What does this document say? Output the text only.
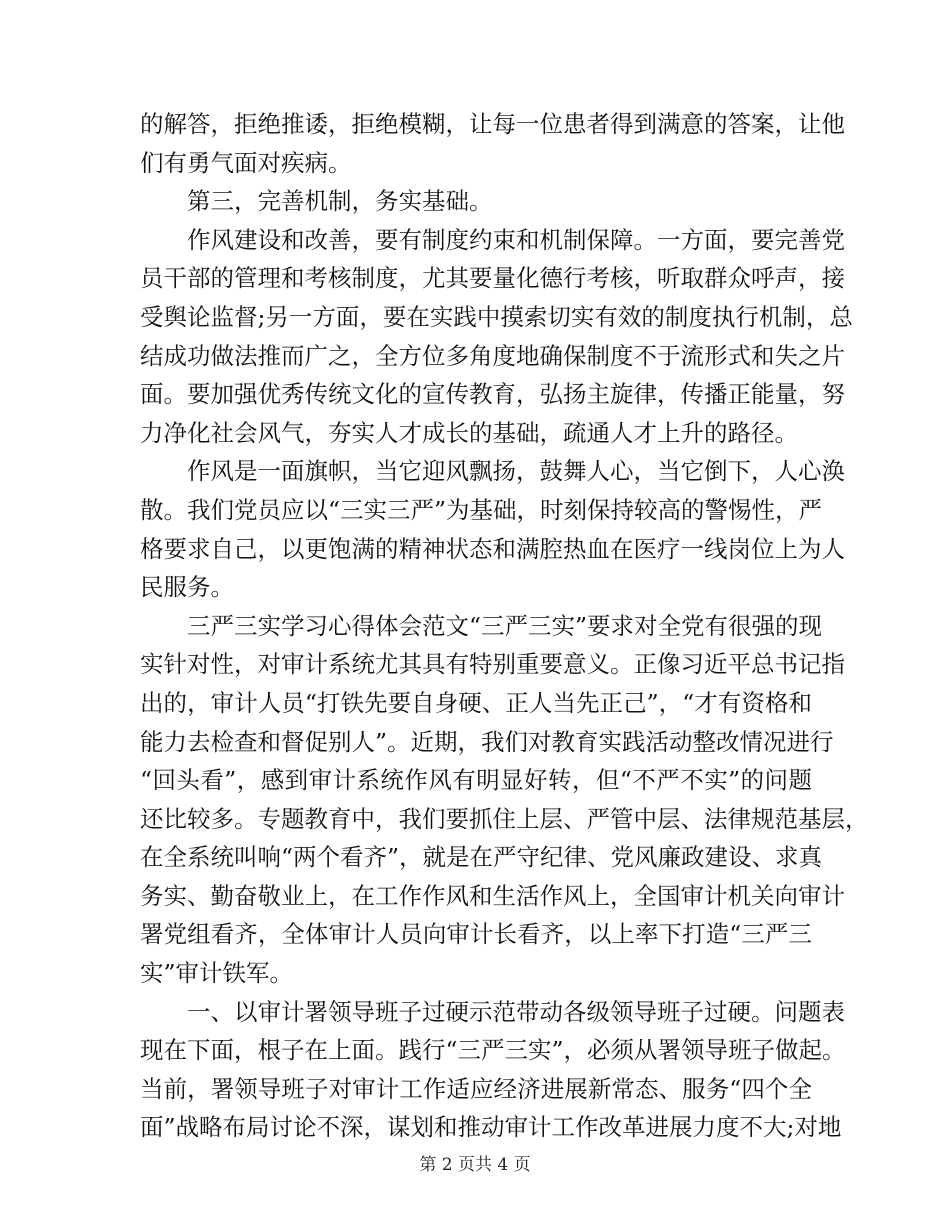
的解答，拒绝推诿，拒绝模糊，让每一位患者得到满意的答案，让他
们有勇气面对疾病。
第三，完善机制，务实基础。
作风建设和改善，要有制度约束和机制保障。一方面，要完善党
员干部的管理和考核制度，尤其要量化德行考核，听取群众呼声，接
受舆论监督;另一方面，要在实践中摸索切实有效的制度执行机制，总
结成功做法推而广之，全方位多角度地确保制度不于流形式和失之片
面。要加强优秀传统文化的宣传教育，弘扬主旋律，传播正能量，努
力净化社会风气，夯实人才成长的基础，疏通人才上升的路径。
作风是一面旗帜，当它迎风飘扬，鼓舞人心，当它倒下，人心涣
散。我们党员应以“三实三严”为基础，时刻保持较高的警惕性，严
格要求自己，以更饱满的精神状态和满腔热血在医疗一线岗位上为人
民服务。
三严三实学习心得体会范文“三严三实”要求对全党有很强的现
实针对性，对审计系统尤其具有特别重要意义。正像习近平总书记指
出的，审计人员“打铁先要自身硬、正人当先正己”，“才有资格和
能力去检查和督促别人”。近期，我们对教育实践活动整改情况进行
“回头看”，感到审计系统作风有明显好转，但“不严不实”的问题
还比较多。专题教育中，我们要抓住上层、严管中层、法律规范基层，
在全系统叫响“两个看齐”，就是在严守纪律、党风廉政建设、求真
务实、勤奋敬业上，在工作作风和生活作风上，全国审计机关向审计
署党组看齐，全体审计人员向审计长看齐，以上率下打造“三严三
实”审计铁军。
一、以审计署领导班子过硬示范带动各级领导班子过硬。问题表
现在下面，根子在上面。践行“三严三实”，必须从署领导班子做起。
当前，署领导班子对审计工作适应经济进展新常态、服务“四个全
面”战略布局讨论不深，谋划和推动审计工作改革进展力度不大;对地
第 2 页共 4 页
